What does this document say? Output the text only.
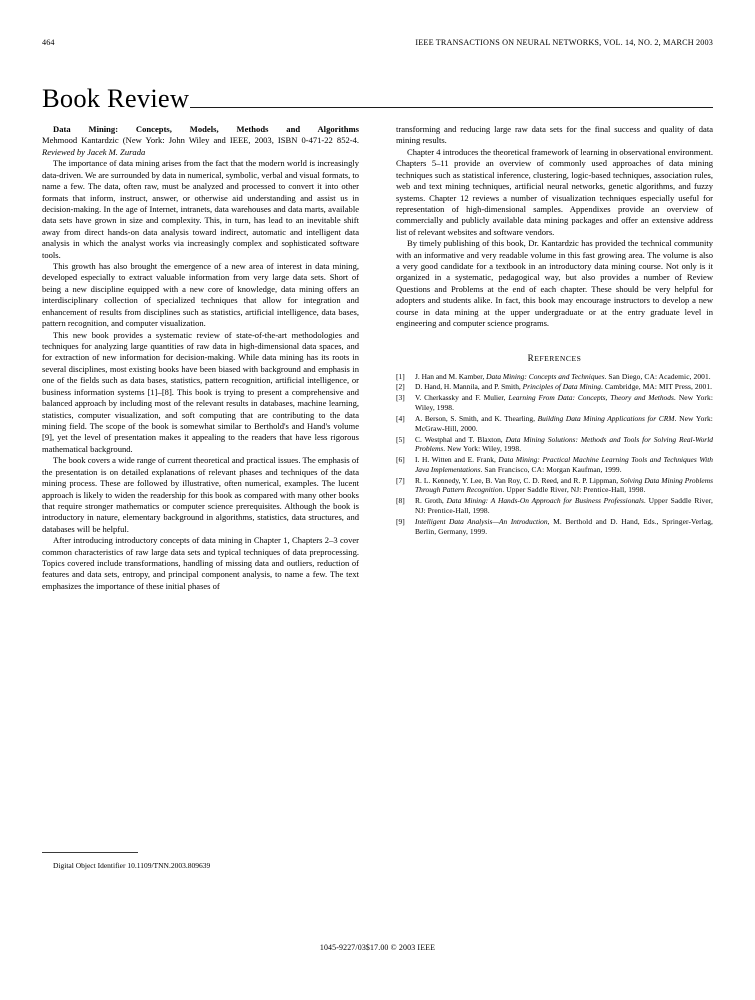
464	IEEE TRANSACTIONS ON NEURAL NETWORKS, VOL. 14, NO. 2, MARCH 2003
Book Review
Data Mining: Concepts, Models, Methods and Algorithms
Mehmood Kantardzic (New York: John Wiley and IEEE, 2003, ISBN 0-471-22 852-4. Reviewed by Jacek M. Zurada

The importance of data mining arises from the fact that the modern world is increasingly data-driven. We are surrounded by data in numerical, symbolic, verbal and visual formats, to name a few. The data, often raw, must be analyzed and processed to convert it into other formats that inform, instruct, answer, or otherwise aid understanding and assist us in decision-making. In the age of Internet, intranets, data warehouses and data marts, available data sets have grown in size and complexity. This, in turn, has lead to an inevitable shift away from direct hands-on data analysis toward indirect, automatic and intelligent data analysis in which the analyst works via increasingly complex and sophisticated software tools.

This growth has also brought the emergence of a new area of interest in data mining, developed especially to extract valuable information from very large data sets. Short of being a new discipline equipped with a new core of knowledge, data mining offers an interdisciplinary collection of specialized techniques that allow for integration and enhancement of results from disciplines such as statistics, artificial intelligence, data bases, pattern recognition, and computer visualization.

This new book provides a systematic review of state-of-the-art methodologies and techniques for analyzing large quantities of raw data in high-dimensional data spaces, and for extraction of new information for decision-making. While data mining has its roots in several disciplines, most existing books have been biased with background and emphasis in one of the fields such as data bases, statistics, pattern recognition, artificial intelligence, or business information systems [1]–[8]. This book is trying to present a comprehensive and balanced approach by including most of the relevant results in databases, machine learning, statistics, computer visualization, and soft computing that are contributing to the data mining field. The scope of the book is somewhat similar to Berthold's and Hand's volume [9], yet the level of presentation makes it appealing to the readers that have less rigorous mathematical background.

The book covers a wide range of current theoretical and practical issues. The emphasis of the presentation is on detailed explanations of relevant phases and techniques of the data mining process. These are followed by illustrative, often numerical, examples. The lucent approach is likely to widen the readership for this book as compared with many other books that require stronger mathematics or computer science prerequisites. Although the book is introductory in nature, elementary background in algorithms, statistics, data structures, and databases will be helpful.

After introducing introductory concepts of data mining in Chapter 1, Chapters 2–3 cover common characteristics of raw large data sets and typical techniques of data preprocessing. Topics covered include transformations, handling of missing data and outliers, reduction of features and data sets, entropy, and principal component analysis, to name a few. The text emphasizes the importance of these initial phases of

transforming and reducing large raw data sets for the final success and quality of data mining results.

Chapter 4 introduces the theoretical framework of learning in observational environment. Chapters 5–11 provide an overview of commonly used approaches of data mining techniques such as statistical inference, clustering, logic-based techniques, association rules, web and text mining techniques, artificial neural networks, genetic algorithms, and fuzzy systems. Chapter 12 reviews a number of visualization techniques especially useful for representation of high-dimensional samples. Appendixes provide an overview of commercially and publicly available data mining packages and offer an extensive address list of relevant websites and software vendors.

By timely publishing of this book, Dr. Kantardzic has provided the technical community with an informative and very readable volume in this fast growing area. The volume is also a very good candidate for a textbook in an introductory data mining course. Not only is it organized in a systematic, pedagogical way, but also provides a number of Review Questions and Problems at the end of each chapter. These should be very helpful for adopters and students alike. In fact, this book may encourage instructors to develop a new course in data mining at the upper undergraduate or at the entry graduate level in engineering and computer science programs.

REFERENCES
[1]	J. Han and M. Kamber, Data Mining: Concepts and Techniques. San Diego, CA: Academic, 2001.
[2]	D. Hand, H. Mannila, and P. Smith, Principles of Data Mining. Cambridge, MA: MIT Press, 2001.
[3]	V. Cherkassky and F. Mulier, Learning From Data: Concepts, Theory and Methods. New York: Wiley, 1998.
[4]	A. Berson, S. Smith, and K. Thearling, Building Data Mining Applications for CRM. New York: McGraw-Hill, 2000.
[5]	C. Westphal and T. Blaxton, Data Mining Solutions: Methods and Tools for Solving Real-World Problems. New York: Wiley, 1998.
[6]	I. H. Witten and E. Frank, Data Mining: Practical Machine Learning Tools and Techniques With Java Implementations. San Francisco, CA: Morgan Kaufman, 1999.
[7]	R. L. Kennedy, Y. Lee, B. Van Roy, C. D. Reed, and R. P. Lippman, Solving Data Mining Problems Through Pattern Recognition. Upper Saddle River, NJ: Prentice-Hall, 1998.
[8]	R. Groth, Data Mining: A Hands-On Approach for Business Professionals. Upper Saddle River, NJ: Prentice-Hall, 1998.
[9]	Intelligent Data Analysis—An Introduction, M. Berthold and D. Hand, Eds., Springer-Verlag, Berlin, Germany, 1999.
Digital Object Identifier 10.1109/TNN.2003.809639
1045-9227/03$17.00 © 2003 IEEE
